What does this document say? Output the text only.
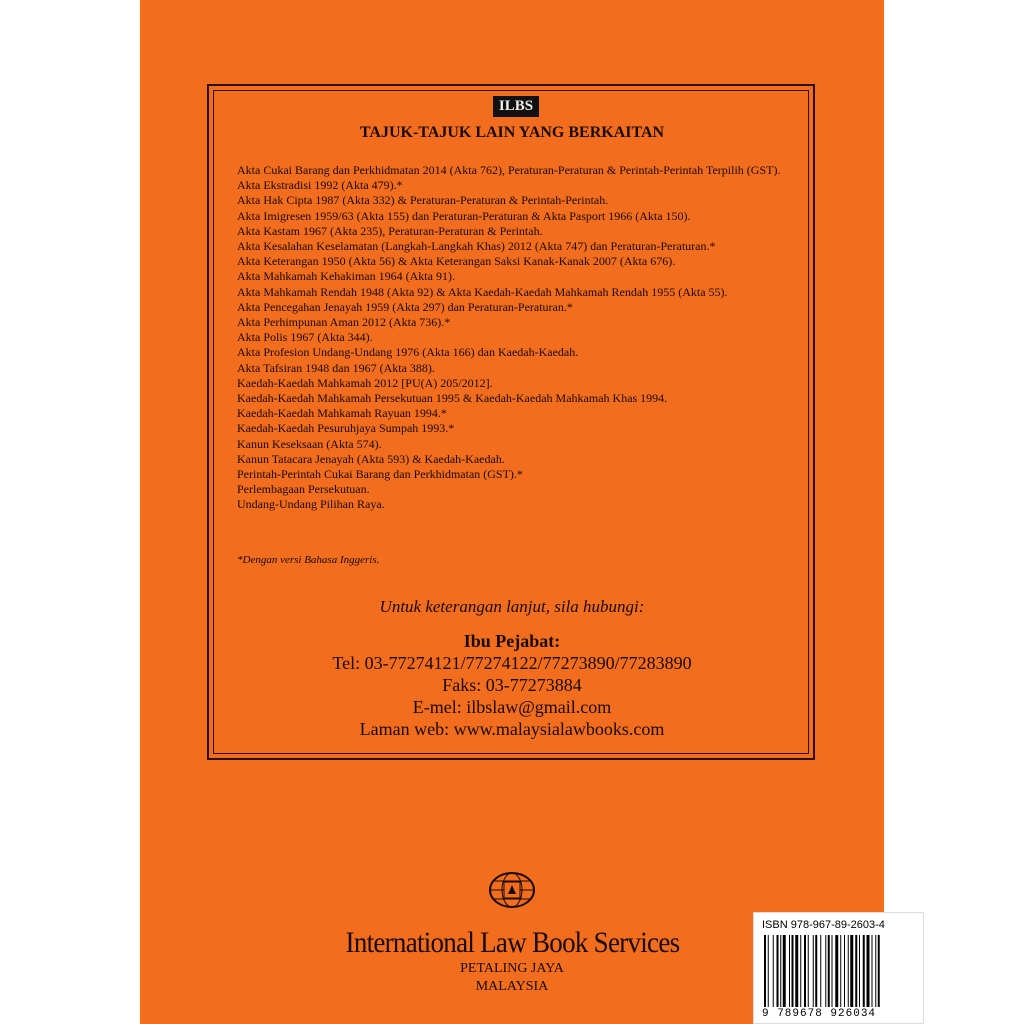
ILBS
TAJUK-TAJUK LAIN YANG BERKAITAN
Akta Cukai Barang dan Perkhidmatan 2014 (Akta 762), Peraturan-Peraturan & Perintah-Perintah Terpilih (GST).
Akta Ekstradisi 1992 (Akta 479).*
Akta Hak Cipta 1987 (Akta 332) & Peraturan-Peraturan & Perintah-Perintah.
Akta Imigresen 1959/63 (Akta 155) dan Peraturan-Peraturan & Akta Pasport 1966 (Akta 150).
Akta Kastam 1967 (Akta 235), Peraturan-Peraturan & Perintah.
Akta Kesalahan Keselamatan (Langkah-Langkah Khas) 2012 (Akta 747) dan Peraturan-Peraturan.*
Akta Keterangan 1950 (Akta 56) & Akta Keterangan Saksi Kanak-Kanak 2007 (Akta 676).
Akta Mahkamah Kehakiman 1964 (Akta 91).
Akta Mahkamah Rendah 1948 (Akta 92) & Akta Kaedah-Kaedah Mahkamah Rendah 1955 (Akta 55).
Akta Pencegahan Jenayah 1959 (Akta 297) dan Peraturan-Peraturan.*
Akta Perhimpunan Aman 2012 (Akta 736).*
Akta Polis 1967 (Akta 344).
Akta Profesion Undang-Undang 1976 (Akta 166) dan Kaedah-Kaedah.
Akta Tafsiran 1948 dan 1967 (Akta 388).
Kaedah-Kaedah Mahkamah 2012 [PU(A) 205/2012].
Kaedah-Kaedah Mahkamah Persekutuan 1995 & Kaedah-Kaedah Mahkamah Khas 1994.
Kaedah-Kaedah Mahkamah Rayuan 1994.*
Kaedah-Kaedah Pesuruhjaya Sumpah 1993.*
Kanun Keseksaan (Akta 574).
Kanun Tatacara Jenayah (Akta 593) & Kaedah-Kaedah.
Perintah-Perintah Cukai Barang dan Perkhidmatan (GST).*
Perlembagaan Persekutuan.
Undang-Undang Pilihan Raya.
*Dengan versi Bahasa Inggeris.
Untuk keterangan lanjut, sila hubungi:
Ibu Pejabat:
Tel: 03-77274121/77274122/77273890/77283890
Faks: 03-77273884
E-mel: ilbslaw@gmail.com
Laman web: www.malaysialawbooks.com
International Law Book Services
PETALING JAYA
MALAYSIA
ISBN 978-967-89-2603-4
9 789678 926034
